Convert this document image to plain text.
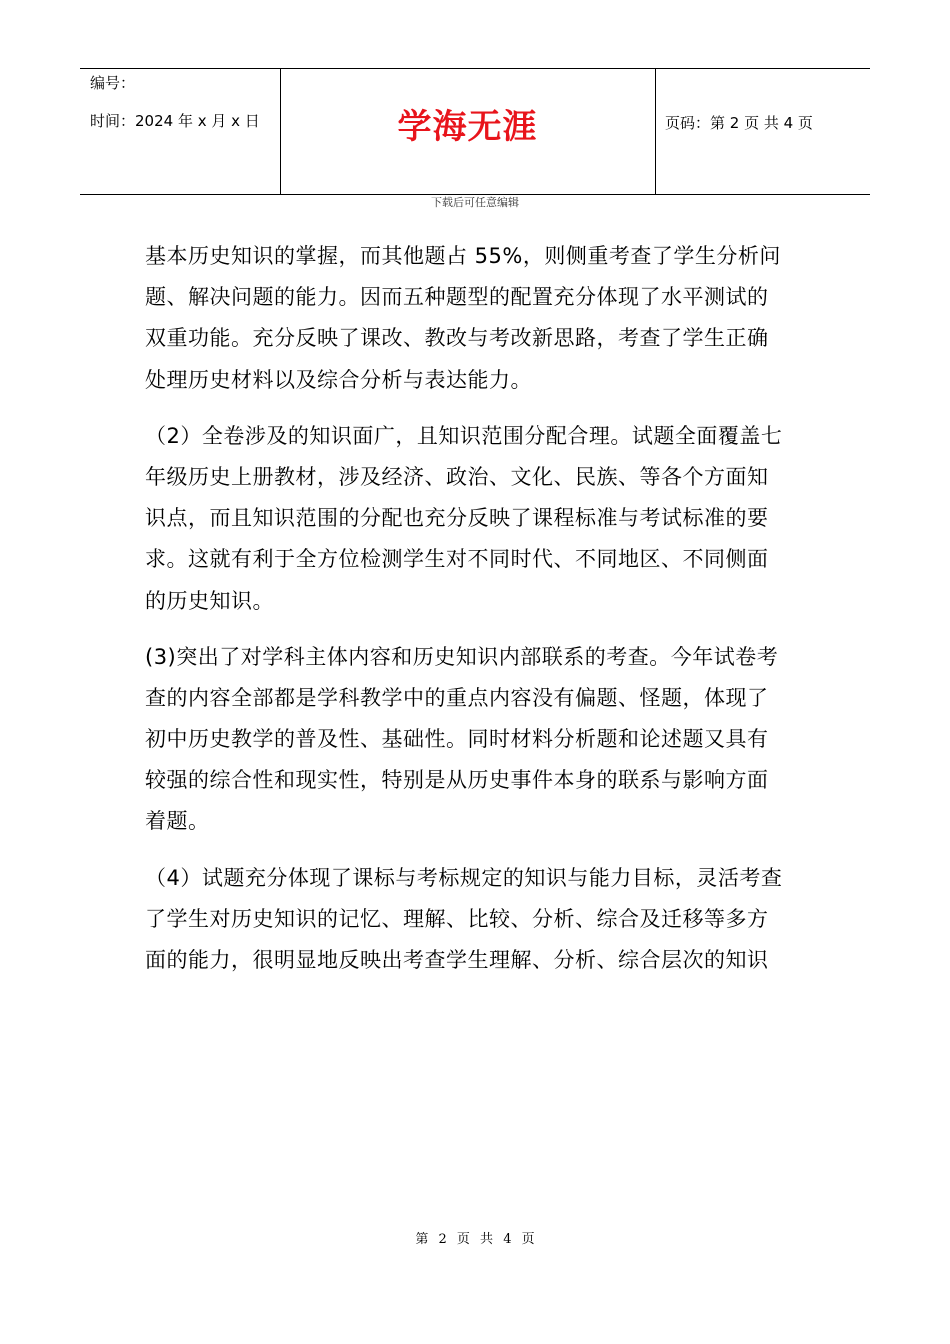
编号：
时间：2024 年 x 月 x 日	学海无涯	页码：第 2 页 共 4 页
下载后可任意编辑
基本历史知识的掌握，而其他题占 55%，则侧重考查了学生分析问
题、解决问题的能力。因而五种题型的配置充分体现了水平测试的
双重功能。充分反映了课改、教改与考改新思路，考查了学生正确
处理历史材料以及综合分析与表达能力。
（2）全卷涉及的知识面广，且知识范围分配合理。试题全面覆盖七
年级历史上册教材，涉及经济、政治、文化、民族、等各个方面知
识点，而且知识范围的分配也充分反映了课程标准与考试标准的要
求。这就有利于全方位检测学生对不同时代、不同地区、不同侧面
的历史知识。
(3)突出了对学科主体内容和历史知识内部联系的考查。今年试卷考
查的内容全部都是学科教学中的重点内容没有偏题、怪题，体现了
初中历史教学的普及性、基础性。同时材料分析题和论述题又具有
较强的综合性和现实性，特别是从历史事件本身的联系与影响方面
着题。
（4）试题充分体现了课标与考标规定的知识与能力目标，灵活考查
了学生对历史知识的记忆、理解、比较、分析、综合及迁移等多方
面的能力，很明显地反映出考查学生理解、分析、综合层次的知识
第 2 页 共 4 页
